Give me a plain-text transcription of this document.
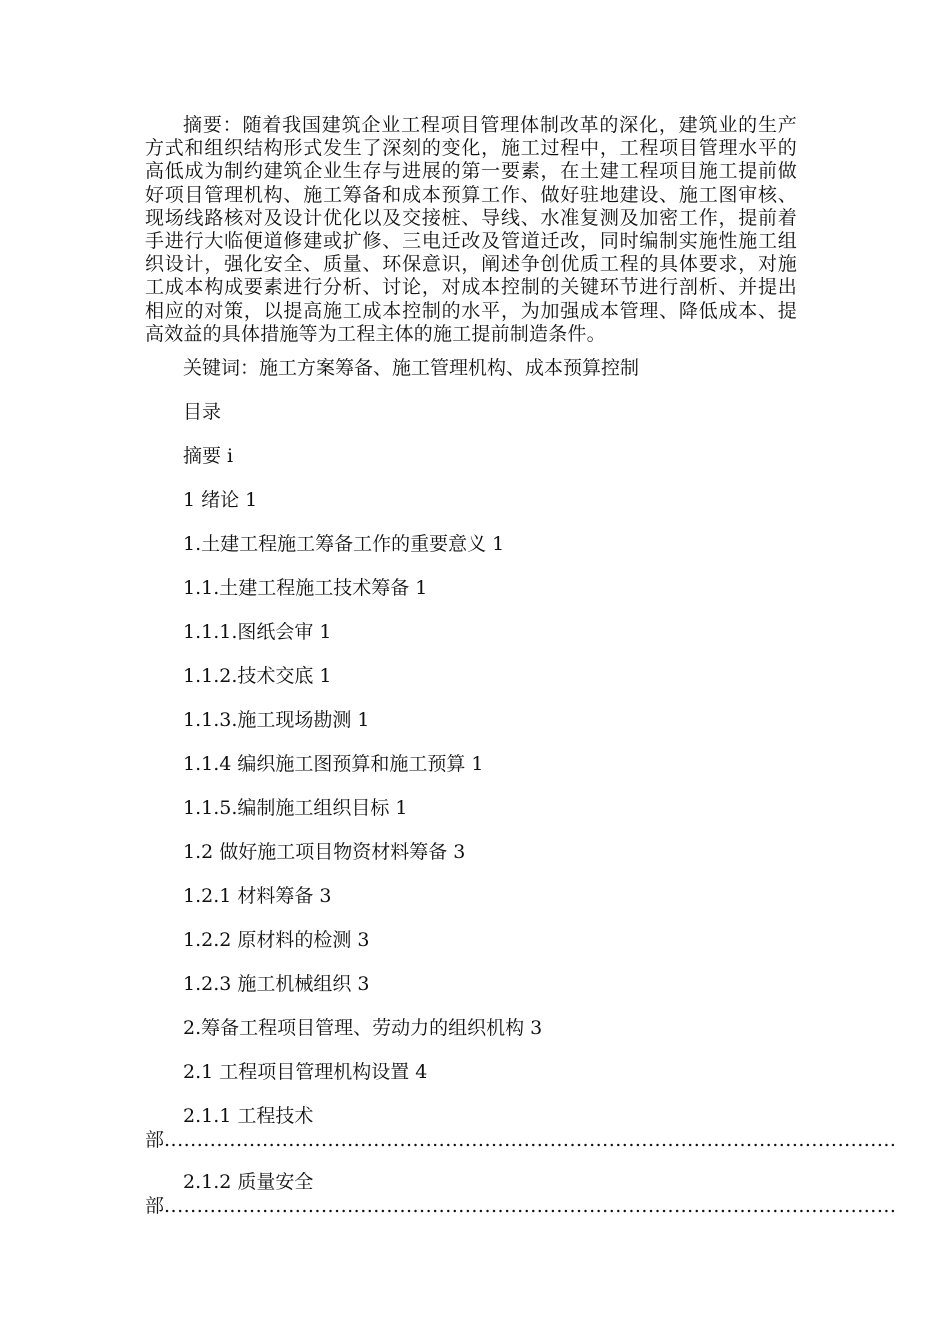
摘要：随着我国建筑企业工程项目管理体制改革的深化，建筑业的生产方式和组织结构形式发生了深刻的变化，施工过程中，工程项目管理水平的高低成为制约建筑企业生存与进展的第一要素，在土建工程项目施工提前做好项目管理机构、施工筹备和成本预算工作、做好驻地建设、施工图审核、现场线路核对及设计优化以及交接桩、导线、水准复测及加密工作，提前着手进行大临便道修建或扩修、三电迁改及管道迁改，同时编制实施性施工组织设计，强化安全、质量、环保意识，阐述争创优质工程的具体要求，对施工成本构成要素进行分析、讨论，对成本控制的关键环节进行剖析、并提出相应的对策，以提高施工成本控制的水平，为加强成本管理、降低成本、提高效益的具体措施等为工程主体的施工提前制造条件。

关键词：施工方案筹备、施工管理机构、成本预算控制

目录

摘要 i

1 绪论 1

1.土建工程施工筹备工作的重要意义 1

1.1.土建工程施工技术筹备 1

1.1.1.图纸会审 1

1.1.2.技术交底 1

1.1.3.施工现场勘测 1

1.1.4 编织施工图预算和施工预算 1

1.1.5.编制施工组织目标 1

1.2 做好施工项目物资材料筹备 3

1.2.1 材料筹备 3

1.2.2 原材料的检测 3

1.2.3 施工机械组织 3

2.筹备工程项目管理、劳动力的组织机构 3

2.1 工程项目管理机构设置 4

2.1.1 工程技术

部................................................................................................................

2.1.2 质量安全

部................................................................................................................
